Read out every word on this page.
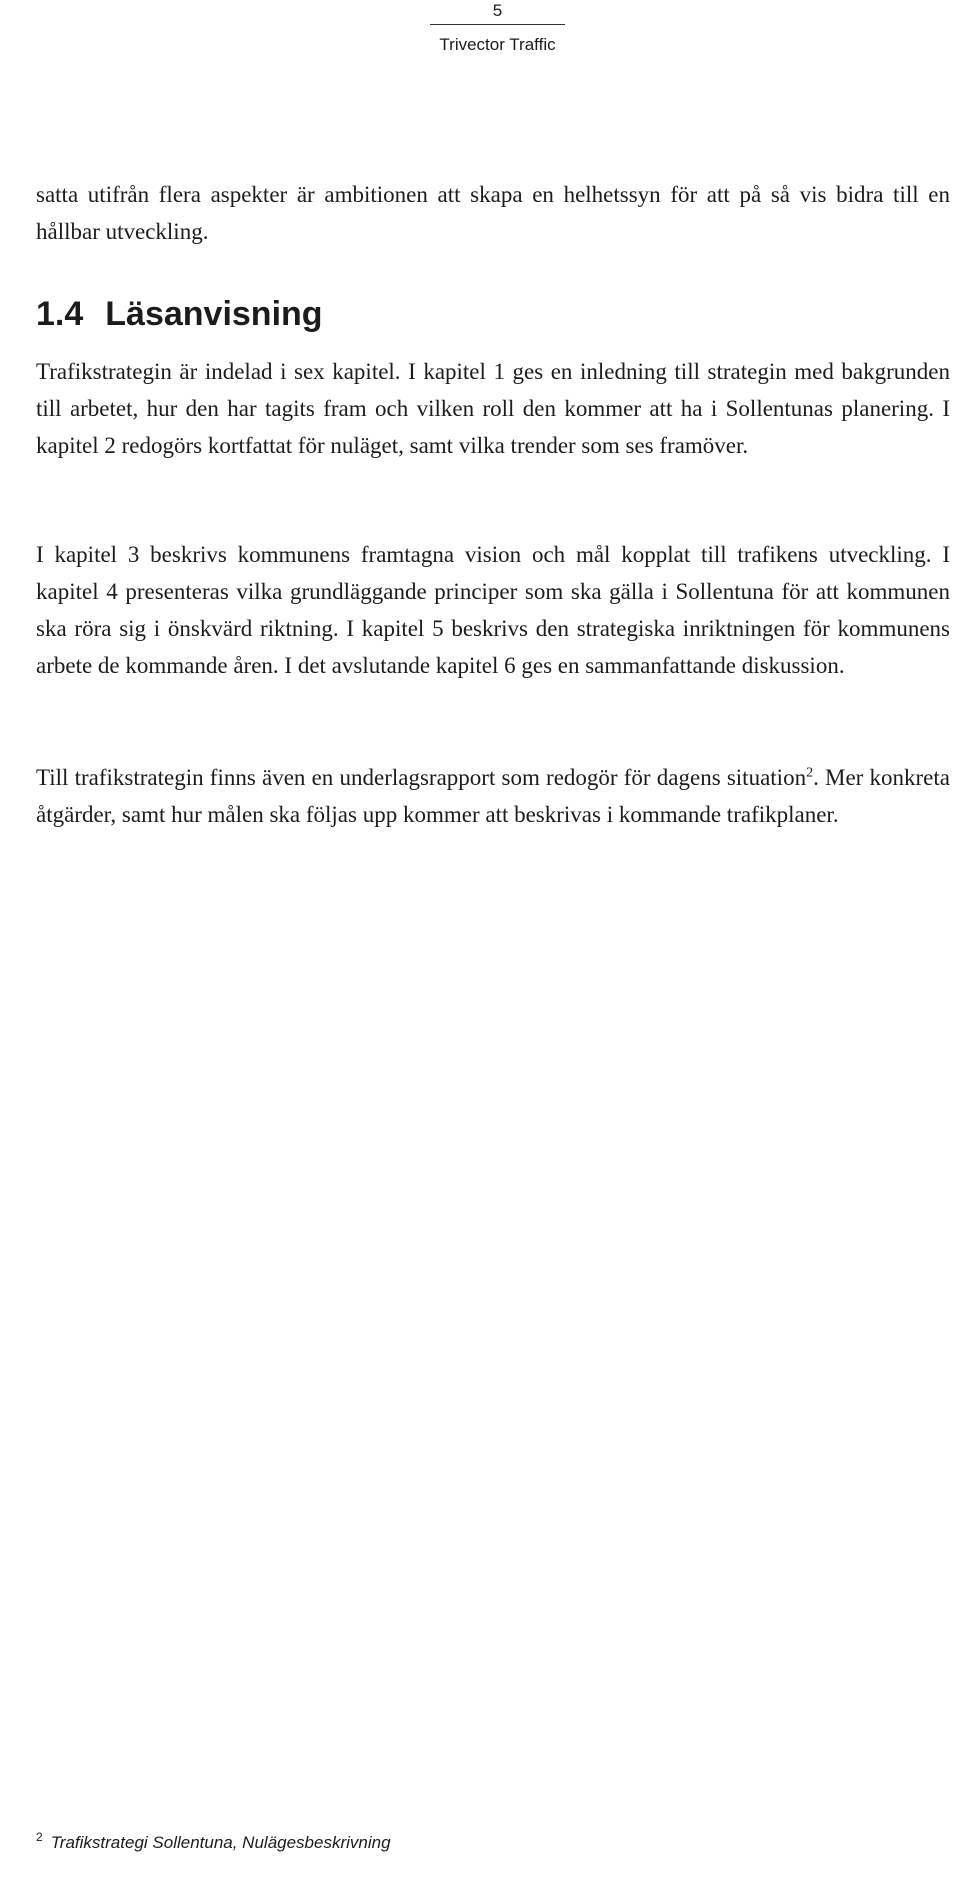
5
Trivector Traffic

satta utifrån flera aspekter är ambitionen att skapa en helhetssyn för att på så vis bidra till en hållbar utveckling.

1.4 Läsanvisning

Trafikstrategin är indelad i sex kapitel. I kapitel 1 ges en inledning till strategin med bakgrunden till arbetet, hur den har tagits fram och vilken roll den kommer att ha i Sollentunas planering. I kapitel 2 redogörs kortfattat för nuläget, samt vilka trender som ses framöver.

I kapitel 3 beskrivs kommunens framtagna vision och mål kopplat till trafikens utveckling. I kapitel 4 presenteras vilka grundläggande principer som ska gälla i Sollentuna för att kommunen ska röra sig i önskvärd riktning. I kapitel 5 beskrivs den strategiska inriktningen för kommunens arbete de kommande åren. I det avslutande kapitel 6 ges en sammanfattande diskussion.

Till trafikstrategin finns även en underlagsrapport som redogör för dagens situation$^2$. Mer konkreta åtgärder, samt hur målen ska följas upp kommer att beskrivas i kommande trafikplaner.

$^2$ Trafikstrategi Sollentuna, Nulägesbeskrivning
